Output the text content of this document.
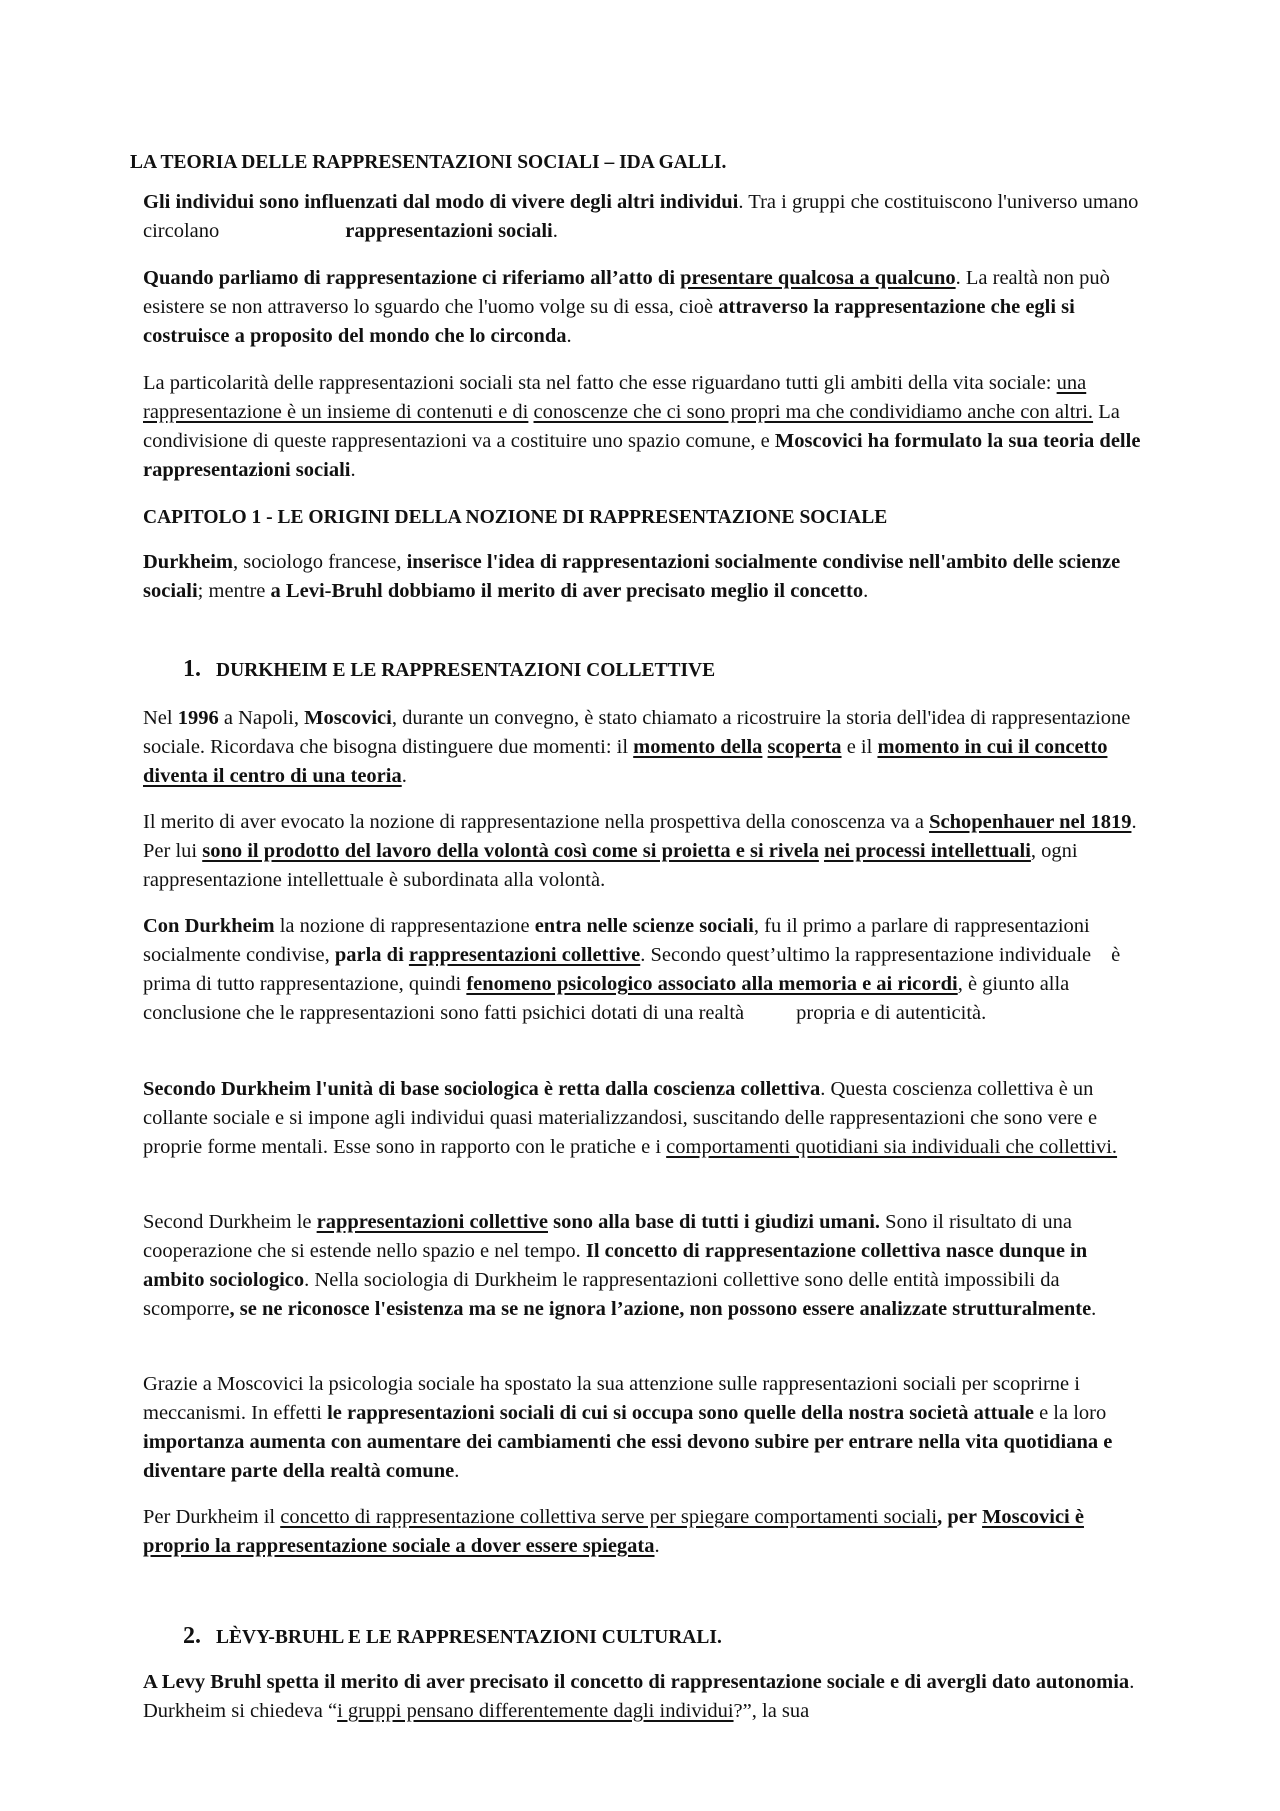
LA TEORIA DELLE RAPPRESENTAZIONI SOCIALI – IDA GALLI.

Gli individui sono influenzati dal modo di vivere degli altri individui. Tra i gruppi che costituiscono l'universo umano circolano	rappresentazioni sociali.

Quando parliamo di rappresentazione ci riferiamo all’atto di presentare qualcosa a qualcuno. La realtà non può esistere se non attraverso lo sguardo che l'uomo volge su di essa, cioè attraverso la rappresentazione che egli si costruisce a proposito del mondo che lo circonda.

La particolarità delle rappresentazioni sociali sta nel fatto che esse riguardano tutti gli ambiti della vita sociale: una rappresentazione è un insieme di contenuti e di conoscenze che ci sono propri ma che condividiamo anche con altri. La condivisione di queste rappresentazioni va a costituire uno spazio comune, e Moscovici ha formulato la sua teoria delle rappresentazioni sociali.

CAPITOLO 1 - LE ORIGINI DELLA NOZIONE DI RAPPRESENTAZIONE SOCIALE

Durkheim, sociologo francese, inserisce l'idea di rappresentazioni socialmente condivise nell'ambito delle scienze sociali; mentre a Levi-Bruhl dobbiamo il merito di aver precisato meglio il concetto.

1. DURKHEIM E LE RAPPRESENTAZIONI COLLETTIVE

Nel 1996 a Napoli, Moscovici, durante un convegno, è stato chiamato a ricostruire la storia dell'idea di rappresentazione sociale. Ricordava che bisogna distinguere due momenti: il momento della scoperta e il momento in cui il concetto diventa il centro di una teoria.

Il merito di aver evocato la nozione di rappresentazione nella prospettiva della conoscenza va a Schopenhauer nel 1819. Per lui sono il prodotto del lavoro della volontà così come si proietta e si rivela nei processi intellettuali, ogni rappresentazione intellettuale è subordinata alla volontà.

Con Durkheim la nozione di rappresentazione entra nelle scienze sociali, fu il primo a parlare di rappresentazioni socialmente condivise, parla di rappresentazioni collettive. Secondo quest’ultimo la rappresentazione individuale è prima di tutto rappresentazione, quindi fenomeno psicologico associato alla memoria e ai ricordi, è giunto alla conclusione che le rappresentazioni sono fatti psichici dotati di una realtà	propria e di autenticità.

Secondo Durkheim l'unità di base sociologica è retta dalla coscienza collettiva. Questa coscienza collettiva è un collante sociale e si impone agli individui quasi materializzandosi, suscitando delle rappresentazioni che sono vere e proprie forme mentali. Esse sono in rapporto con le pratiche e i comportamenti quotidiani sia individuali che collettivi.

Second Durkheim le rappresentazioni collettive sono alla base di tutti i giudizi umani. Sono il risultato di una cooperazione che si estende nello spazio e nel tempo. Il concetto di rappresentazione collettiva nasce dunque in ambito sociologico. Nella sociologia di Durkheim le rappresentazioni collettive sono delle entità impossibili da scomporre, se ne riconosce l'esistenza ma se ne ignora l’azione, non possono essere analizzate strutturalmente.

Grazie a Moscovici la psicologia sociale ha spostato la sua attenzione sulle rappresentazioni sociali per scoprirne i meccanismi. In effetti le rappresentazioni sociali di cui si occupa sono quelle della nostra società attuale e la loro importanza aumenta con aumentare dei cambiamenti che essi devono subire per entrare nella vita quotidiana e diventare parte della realtà comune.

Per Durkheim il concetto di rappresentazione collettiva serve per spiegare comportamenti sociali, per Moscovici è proprio la rappresentazione sociale a dover essere spiegata.

2. LÈVY-BRUHL E LE RAPPRESENTAZIONI CULTURALI.

A Levy Bruhl spetta il merito di aver precisato il concetto di rappresentazione sociale e di avergli dato autonomia. Durkheim si chiedeva “i gruppi pensano differentemente dagli individui?”, la sua
